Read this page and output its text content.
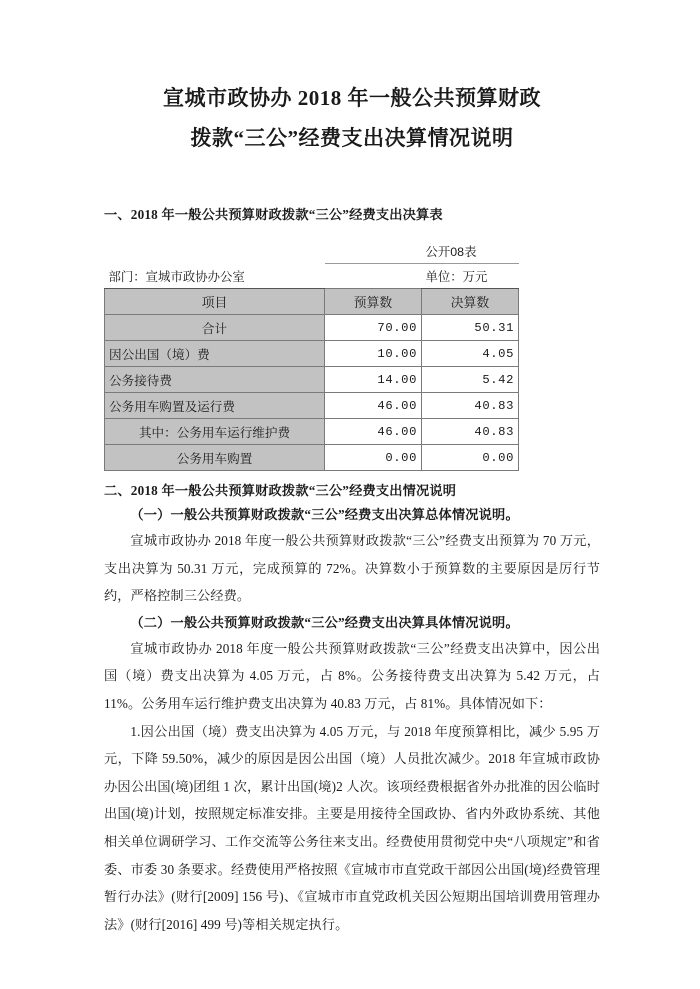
宣城市政协办 2018 年一般公共预算财政
拨款“三公”经费支出决算情况说明

一、2018 年一般公共预算财政拨款“三公”经费支出决算表

		公开08表
部门：宣城市政协办公室		单位：万元
项目	预算数	决算数
合计	70.00	50.31
因公出国（境）费	10.00	4.05
公务接待费	14.00	5.42
公务用车购置及运行费	46.00	40.83
其中：公务用车运行维护费	46.00	40.83
公务用车购置	0.00	0.00

二、2018 年一般公共预算财政拨款“三公”经费支出情况说明

（一）一般公共预算财政拨款“三公”经费支出决算总体情况说明。

宣城市政协办 2018 年度一般公共预算财政拨款“三公”经费支出预算为 70 万元，支出决算为 50.31 万元，完成预算的 72%。决算数小于预算数的主要原因是厉行节约，严格控制三公经费。

（二）一般公共预算财政拨款“三公”经费支出决算具体情况说明。

宣城市政协办 2018 年度一般公共预算财政拨款“三公”经费支出决算中，因公出国（境）费支出决算为 4.05 万元，占 8%。公务接待费支出决算为 5.42 万元，占 11%。公务用车运行维护费支出决算为 40.83 万元，占 81%。具体情况如下：

1.因公出国（境）费支出决算为 4.05 万元，与 2018 年度预算相比，减少 5.95 万元，下降 59.50%，减少的原因是因公出国（境）人员批次减少。2018 年宣城市政协办因公出国(境)团组 1 次，累计出国(境)2 人次。该项经费根据省外办批准的因公临时出国(境)计划，按照规定标准安排。主要是用接待全国政协、省内外政协系统、其他相关单位调研学习、工作交流等公务往来支出。经费使用贯彻党中央“八项规定”和省委、市委 30 条要求。经费使用严格按照《宣城市市直党政干部因公出国(境)经费管理暂行办法》(财行[2009] 156 号)、《宣城市市直党政机关因公短期出国培训费用管理办法》(财行[2016] 499 号)等相关规定执行。
